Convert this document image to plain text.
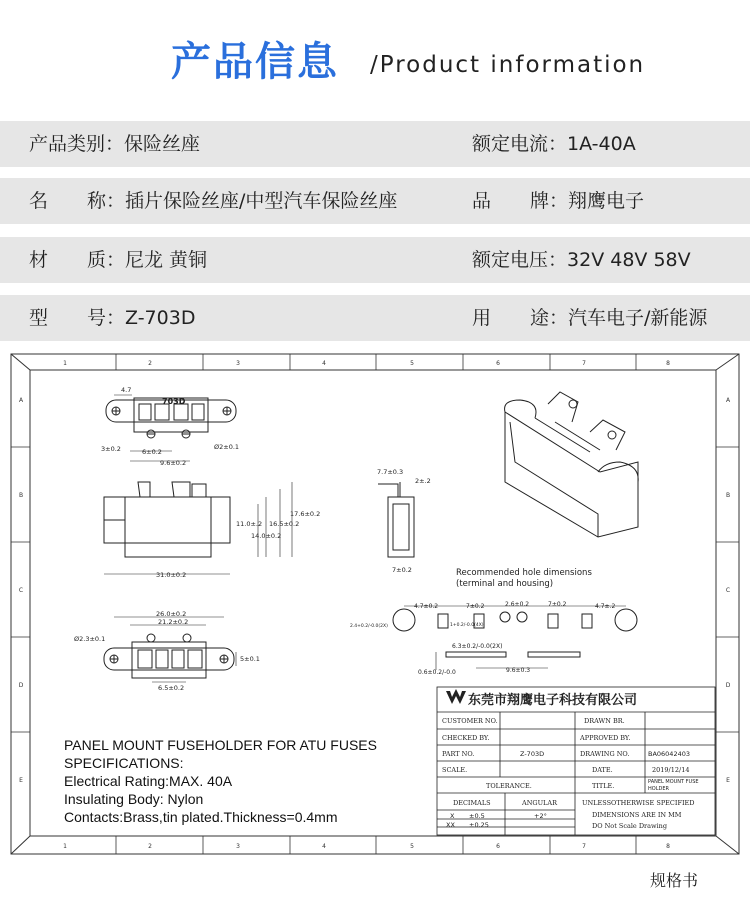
产品信息 /Product information
产品类别：保险丝座	额定电流：1A-40A
名 称：插片保险丝座/中型汽车保险丝座	品 牌：翔鹰电子
材 质：尼龙 黄铜	额定电压：32V 48V 58V
型 号：Z-703D	用 途：汽车电子/新能源
1	2	3	4	5	6	7	8
1	2	3	4	5	6	7	8
A
B
C
D
E
A
B
C
D
E
4.7
703D
3±0.2	6±0.2
9.6±0.2
Ø2±0.1
11.0±.2
14.0±0.2
16.5±0.2
17.6±0.2
31.0±0.2
7.7±0.3
2±.2
7±0.2	Recommended hole dimensions
(terminal and housing)
4.7±0.2	7±0.2	2.6±0.2	7±0.2	4.7±.2
2.4+0.2/-0.0(2X)	1+0.2/-0.0(4X)
6.3±0.2/-0.0(2X)
9.6±0.3
0.6±0.2/-0.0
26.0±0.2
21.2±0.2
Ø2.3±0.1
5±0.1
6.5±0.2
PANEL MOUNT FUSEHOLDER FOR ATU FUSES
SPECIFICATIONS:
Electrical Rating:MAX. 40A
Insulating Body: Nylon
Contacts:Brass,tin plated.Thickness=0.4mm
东莞市翔鹰电子科技有限公司
CUSTOMER NO.	DRAWN BR.
CHECKED BY.	APPROVED BY.
PART NO.	Z-703D	DRAWING NO.	BA06042403
SCALE.	DATE.	2019/12/14
TOLERANCE.	TITLE.	PANEL MOUNT FUSE
HOLDER
DECIMALS	ANGULAR
X ±0.5	+2°
XX ±0.25
UNLESSOTHERWISE SPECIFIED
DIMENSIONS ARE IN MM
DO Not Scale Drawing
规格书
